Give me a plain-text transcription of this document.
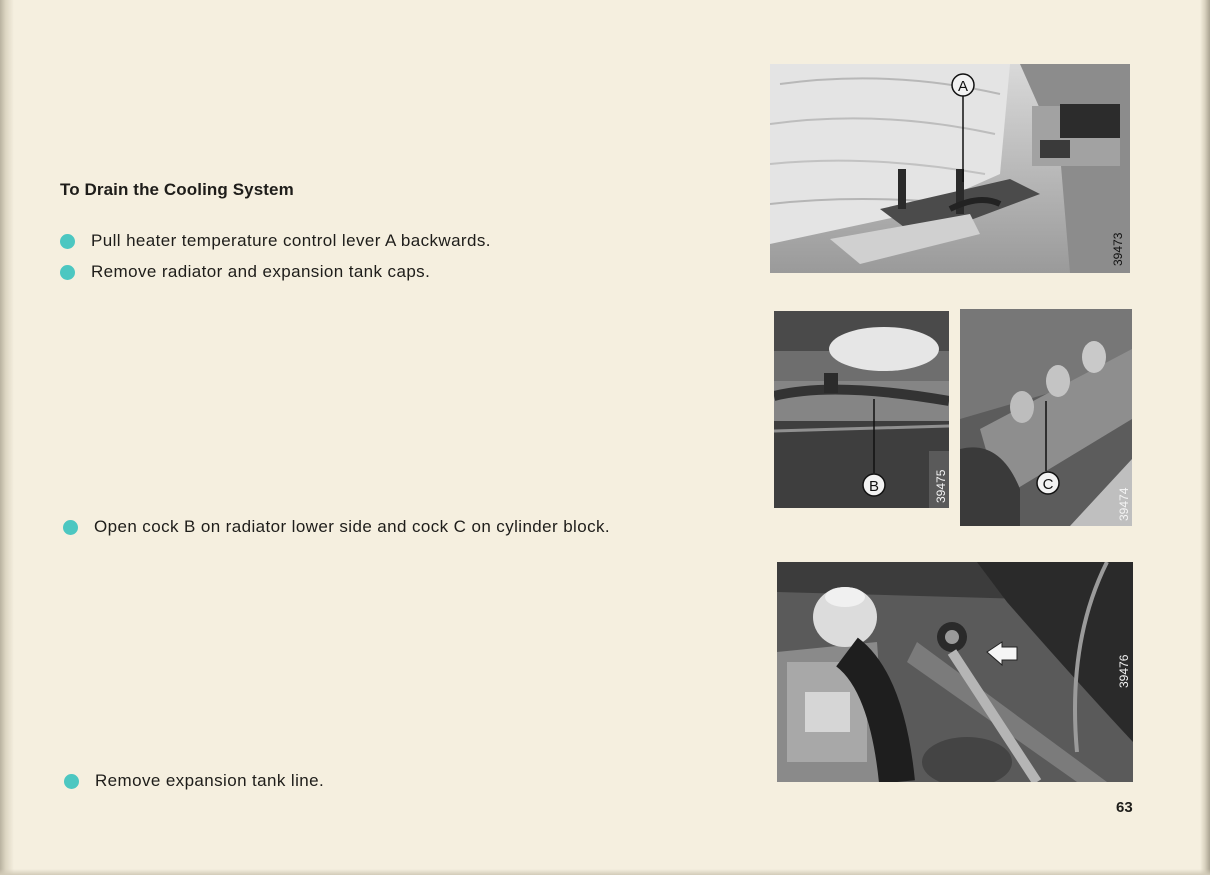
To Drain the Cooling System
Pull heater temperature control lever A backwards.
Remove radiator and expansion tank caps.
Open cock B on radiator lower side and cock C on cylinder block.
Remove expansion tank line.
A
39473
B	39475	C
39474
39476
63
